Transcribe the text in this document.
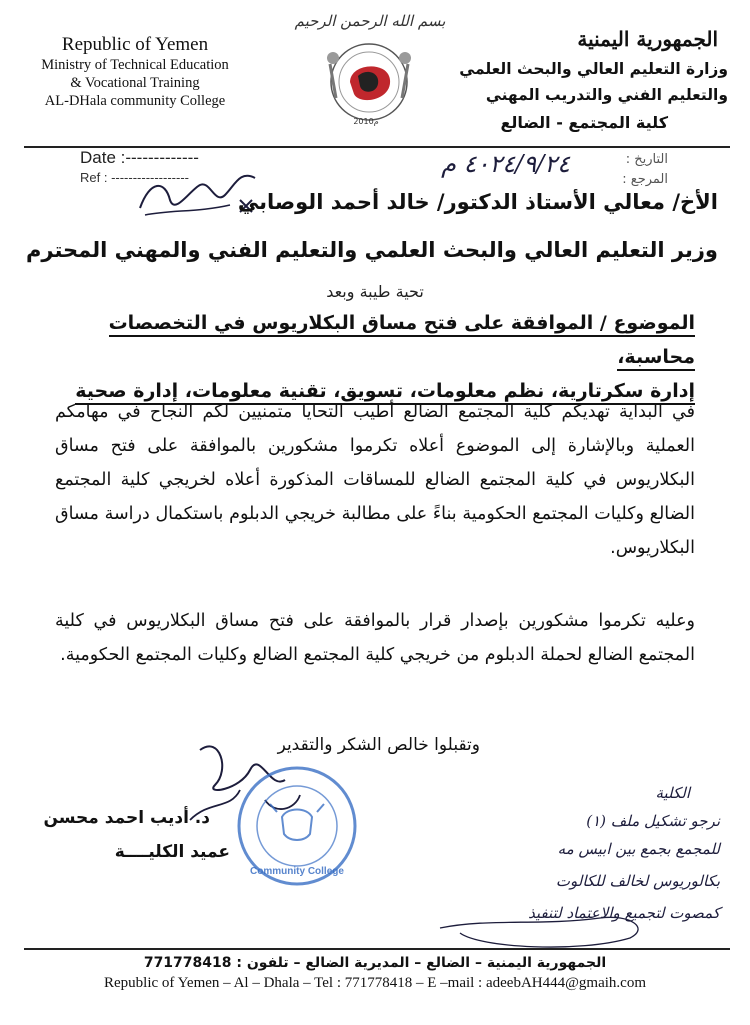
Republic of Yemen
Ministry of Technical Education
& Vocational Training
AL-DHala community College
بسم الله الرحمن الرحيم
2010م
الجمهورية اليمنية
وزارة التعليم العالي والبحث العلمي
والتعليم الفني والتدريب المهني
كلية المجتمع - الضالع
Date :-------------
Ref : ------------------
التاريخ :
المرجع :
٤٠٢٤/٩/٢٤ م
الأخ/ معالي الأستاذ الدكتور/ خالد أحمد الوصابي
وزير التعليم العالي والبحث العلمي والتعليم الفني والمهني المحترم
تحية طيبة وبعد
الموضوع / الموافقة على فتح مساق البكلاريوس في التخصصات محاسبة،
إدارة سكرتارية، نظم معلومات، تسويق، تقنية معلومات، إدارة صحية
في البداية تهديكم كلية المجتمع الضالع أطيب التحايا متمنيين لكم النجاح في مهامكم العملية وبالإشارة إلى الموضوع أعلاه تكرموا مشكورين بالموافقة على فتح مساق البكلاريوس في كلية المجتمع الضالع للمساقات المذكورة أعلاه لخريجي كلية المجتمع الضالع وكليات المجتمع الحكومية بناءً على مطالبة خريجي الدبلوم باستكمال دراسة مساق البكلاريوس.
وعليه تكرموا مشكورين بإصدار قرار بالموافقة على فتح مساق البكلاريوس في كلية المجتمع الضالع لحملة الدبلوم من خريجي كلية المجتمع الضالع وكليات المجتمع الحكومية.
وتقبلوا خالص الشكر والتقدير
د. أديب احمد محسن
عميد الكليــــة
Community College
الكلية
نرجو تشكيل ملف (١)
للمجمع بجمع بين ابيس مه
بكالوريوس لخالف للكالوت
كمصوت لتجميع والاعتماد لتنفيذ
الجمهورية اليمنية – الضالع – المديرية الضالع – تلفون : 771778418
Republic of Yemen – Al – Dhala – Tel : 771778418 – E –mail : adeebAH444@gmaih.com
